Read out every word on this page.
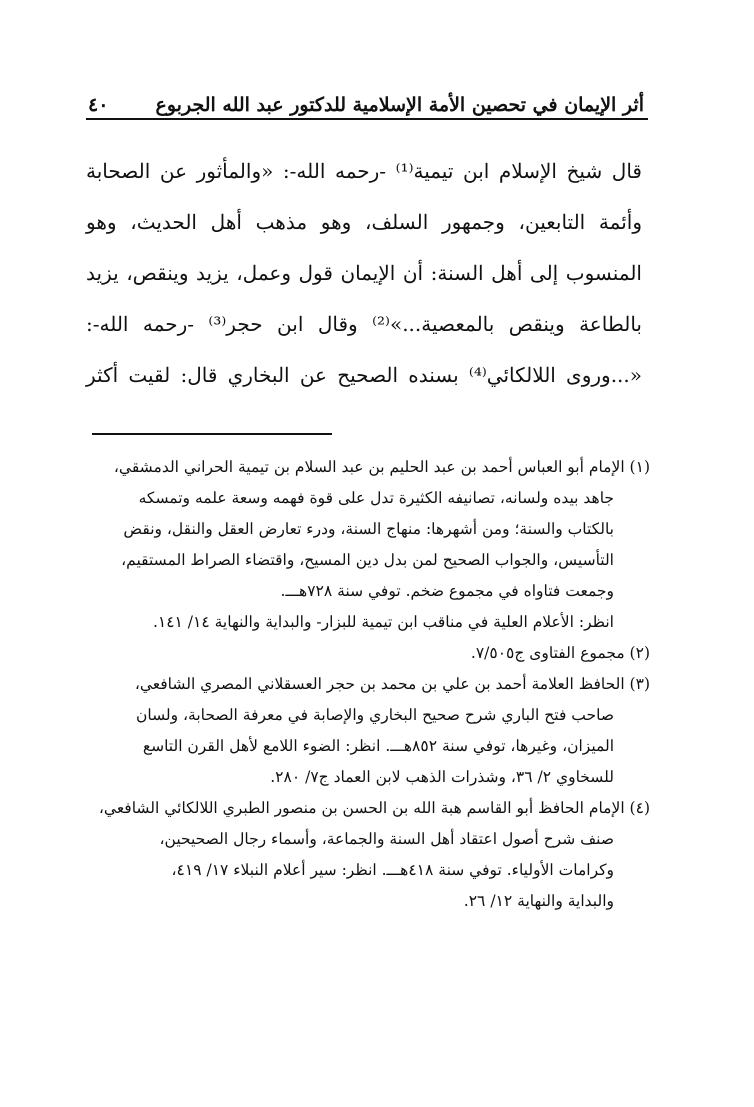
أثر الإيمان في تحصين الأمة الإسلامية للدكتور عبد الله الجربوع
٤٠
قال شيخ الإسلام ابن تيمية⁽¹⁾ -رحمه الله-: «والمأثور عن الصحابة
وأئمة التابعين، وجمهور السلف، وهو مذهب أهل الحديث، وهو
المنسوب إلى أهل السنة: أن الإيمان قول وعمل، يزيد وينقص، يزيد
بالطاعة وينقص بالمعصية...»⁽²⁾ وقال ابن حجر⁽³⁾ -رحمه الله-:
«...وروى اللالكائي⁽⁴⁾ بسنده الصحيح عن البخاري قال: لقيت أكثر
(١) الإمام أبو العباس أحمد بن عبد الحليم بن عبد السلام بن تيمية الحراني الدمشقي،
جاهد بيده ولسانه، تصانيفه الكثيرة تدل على قوة فهمه وسعة علمه وتمسكه
بالكتاب والسنة؛ ومن أشهرها: منهاج السنة، ودرء تعارض العقل والنقل، ونقض
التأسيس، والجواب الصحيح لمن بدل دين المسيح، واقتضاء الصراط المستقيم،
وجمعت فتاواه في مجموع ضخم. توفي سنة ٧٢٨هـــ.
انظر: الأعلام العلية في مناقب ابن تيمية للبزار- والبداية والنهاية ١٤/ ١٤١.
(٢) مجموع الفتاوى ج٧/٥٠٥.
(٣) الحافظ العلامة أحمد بن علي بن محمد بن حجر العسقلاني المصري الشافعي،
صاحب فتح الباري شرح صحيح البخاري والإصابة في معرفة الصحابة، ولسان
الميزان، وغيرها، توفي سنة ٨٥٢هـــ. انظر: الضوء اللامع لأهل القرن التاسع
للسخاوي ٢/ ٣٦، وشذرات الذهب لابن العماد ج٧/ ٢٨٠.
(٤) الإمام الحافظ أبو القاسم هبة الله بن الحسن بن منصور الطبري اللالكائي الشافعي،
صنف شرح أصول اعتقاد أهل السنة والجماعة، وأسماء رجال الصحيحين،
وكرامات الأولياء. توفي سنة ٤١٨هـــ. انظر: سير أعلام النبلاء ١٧/ ٤١٩،
والبداية والنهاية ١٢/ ٢٦.
